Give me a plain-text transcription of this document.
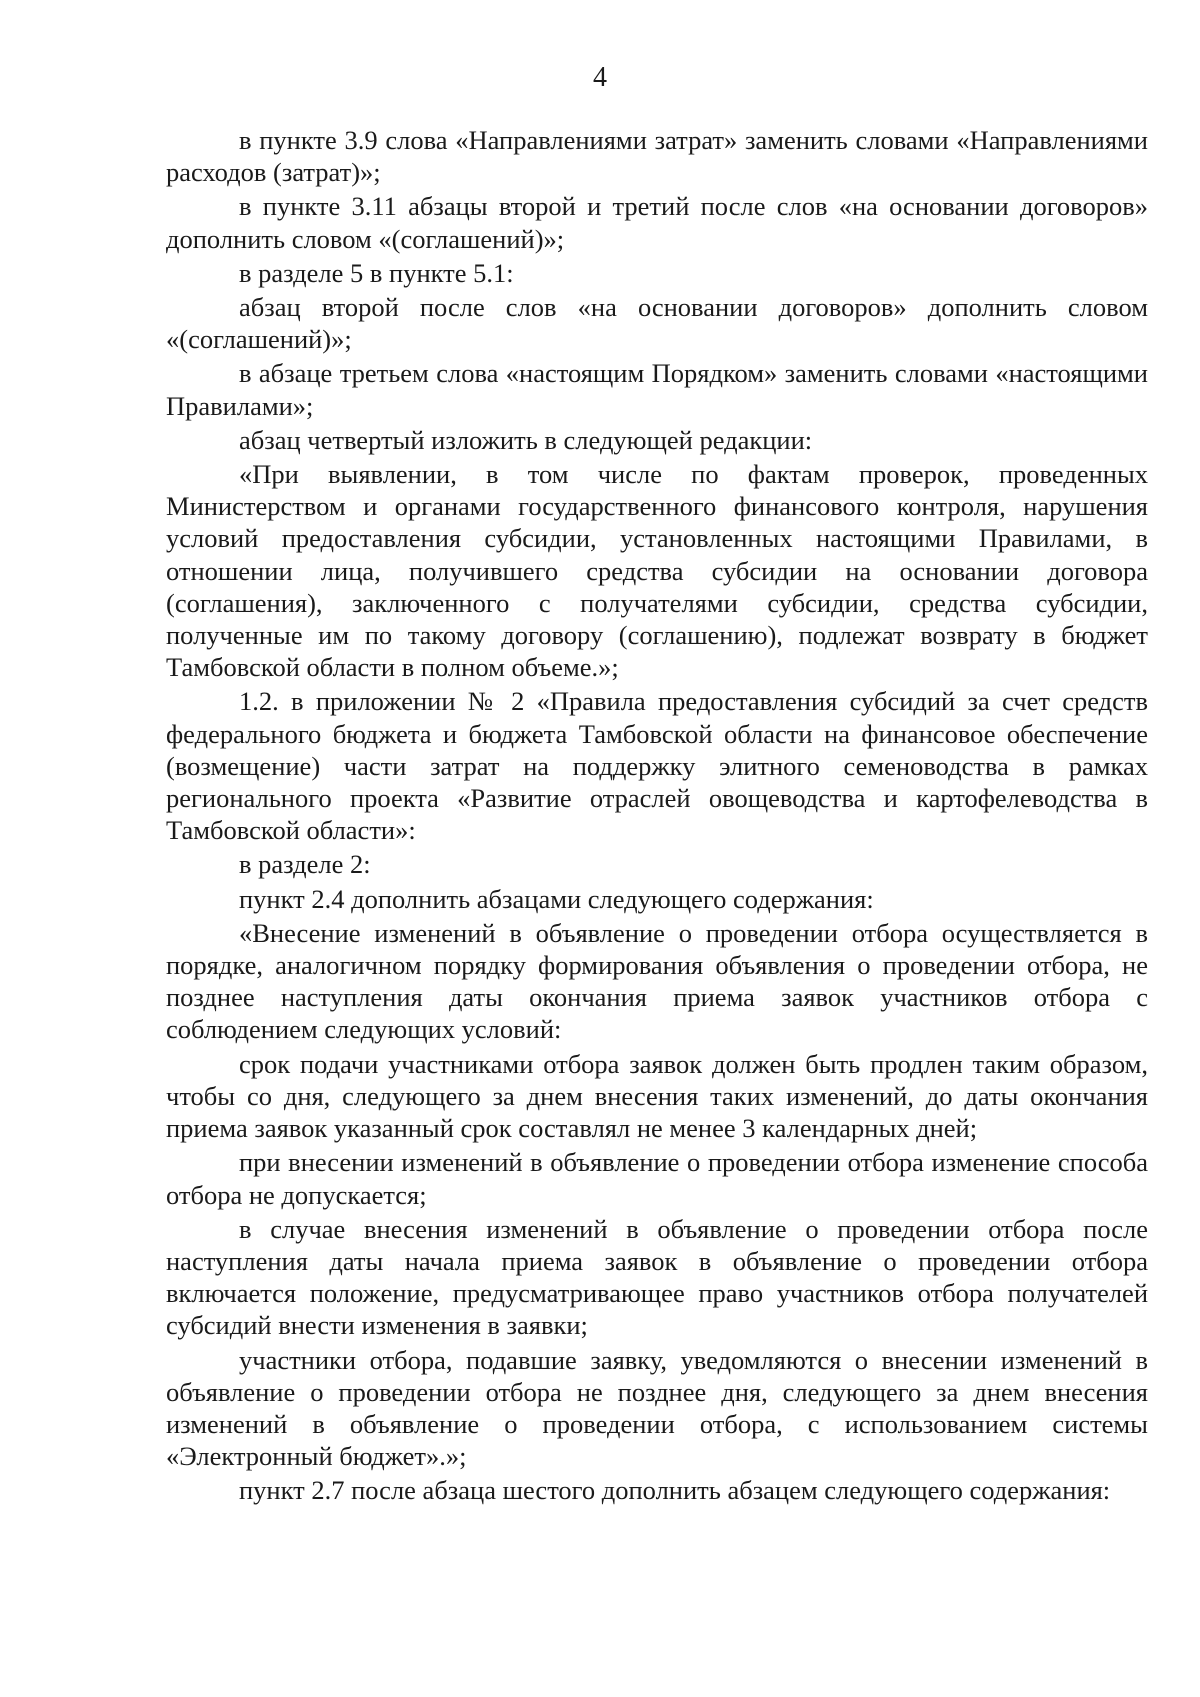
4

в пункте 3.9 слова «Направлениями затрат» заменить словами «Направлениями расходов (затрат)»;

в пункте 3.11 абзацы второй и третий после слов «на основании договоров» дополнить словом «(соглашений)»;

в разделе 5 в пункте 5.1:

абзац второй после слов «на основании договоров» дополнить словом «(соглашений)»;

в абзаце третьем слова «настоящим Порядком» заменить словами «настоящими Правилами»;

абзац четвертый изложить в следующей редакции:

«При выявлении, в том числе по фактам проверок, проведенных Министерством и органами государственного финансового контроля, нарушения условий предоставления субсидии, установленных настоящими Правилами, в отношении лица, получившего средства субсидии на основании договора (соглашения), заключенного с получателями субсидии, средства субсидии, полученные им по такому договору (соглашению), подлежат возврату в бюджет Тамбовской области в полном объеме.»;

1.2. в приложении № 2 «Правила предоставления субсидий за счет средств федерального бюджета и бюджета Тамбовской области на финансовое обеспечение (возмещение) части затрат на поддержку элитного семеноводства в рамках регионального проекта «Развитие отраслей овощеводства и картофелеводства в Тамбовской области»:

в разделе 2:

пункт 2.4 дополнить абзацами следующего содержания:

«Внесение изменений в объявление о проведении отбора осуществляется в порядке, аналогичном порядку формирования объявления о проведении отбора, не позднее наступления даты окончания приема заявок участников отбора с соблюдением следующих условий:

срок подачи участниками отбора заявок должен быть продлен таким образом, чтобы со дня, следующего за днем внесения таких изменений, до даты окончания приема заявок указанный срок составлял не менее 3 календарных дней;

при внесении изменений в объявление о проведении отбора изменение способа отбора не допускается;

в случае внесения изменений в объявление о проведении отбора после наступления даты начала приема заявок в объявление о проведении отбора включается положение, предусматривающее право участников отбора получателей субсидий внести изменения в заявки;

участники отбора, подавшие заявку, уведомляются о внесении изменений в объявление о проведении отбора не позднее дня, следующего за днем внесения изменений в объявление о проведении отбора, с использованием системы «Электронный бюджет».»;

пункт 2.7 после абзаца шестого дополнить абзацем следующего содержания:
